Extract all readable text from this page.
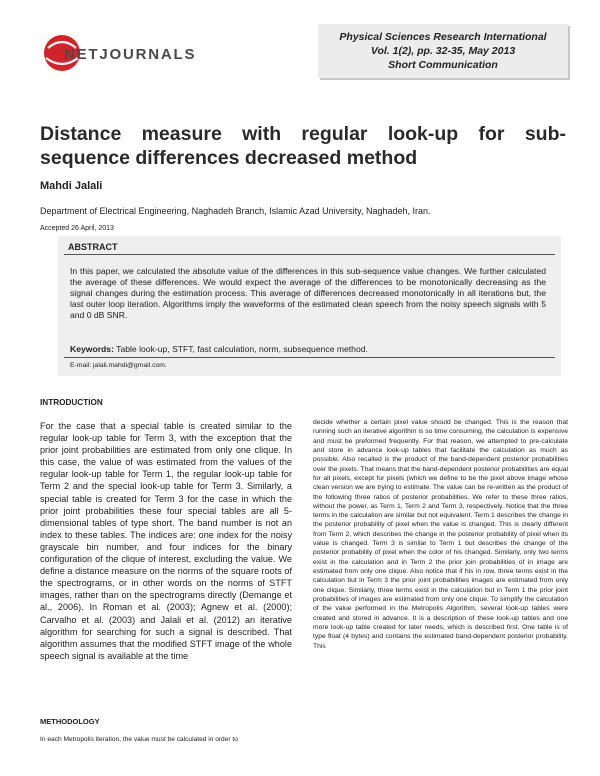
NETJOURNALS
Physical Sciences Research International
Vol. 1(2), pp. 32-35, May 2013
Short Communication
Distance measure with regular look-up for sub-
sequence differences decreased method
Mahdi Jalali
Department of Electrical Engineering, Naghadeh Branch, Islamic Azad University, Naghadeh, Iran.
Accepted 26 April, 2013
ABSTRACT
In this paper, we calculated the absolute value of the differences in this sub-sequence value changes. We further calculated the average of these differences. We would expect the average of the differences to be monotonically decreasing as the signal changes during the estimation process. This average of differences decreased monotonically in all iterations but, the last outer loop iteration. Algorithms imply the waveforms of the estimated clean speech from the noisy speech signals with 5 and 0 dB SNR.
Keywords: Table look-up, STFT, fast calculation, norm, subsequence method.
E-mail: jalali.mahdi@gmail.com.
INTRODUCTION
For the case that a special table is created similar to the regular look-up table for Term 3, with the exception that the prior joint probabilities are estimated from only one clique. In this case, the value of was estimated from the values of the regular look-up table for Term 1, the regular look-up table for Term 2 and the special look-up table for Term 3. Similarly, a special table is created for Term 3 for the case in which the prior joint probabilities these four special tables are all 5-dimensional tables of type short. The band number is not an index to these tables. The indices are: one index for the noisy grayscale bin number, and four indices for the binary configuration of the clique of interest, excluding the value. We define a distance measure on the norms of the square roots of the spectrograms, or in other words on the norms of STFT images, rather than on the spectrograms directly (Demange et al., 2006). In Roman et al. (2003); Agnew et al. (2000); Carvalho et al. (2003) and Jalali et al. (2012) an iterative algorithm for searching for such a signal is described. That algorithm assumes that the modified STFT image of the whole speech signal is available at the time
METHODOLOGY
In each Metropolis iteration, the value must be calculated in order to
decide whether a certain pixel value should be changed. This is the reason that running such an iterative algorithm is so time consuming, the calculation is expensive and must be preformed frequently. For that reason, we attempted to pre-calculate and store in advance look-up tables that facilitate the calculation as much as possible. Also recalled is the product of the band-dependent posterior probabilities over the pixels. That means that the band-dependent posterior probabilities are equal for all pixels, except for pixels (which we define to be the pixel above image whose clean version we are trying to estimate. The value can be re-written as the product of the following three ratios of posterior probabilities. We refer to these three ratios, without the power, as Term 1, Term 2 and Term 3, respectively. Notice that the three terms in the calculation are similar but not equivalent. Term 1 describes the change in the posterior probability of pixel when the value is changed. This is clearly different from Term 2, which describes the change in the posterior probability of pixel when its value is changed. Term 3 is similar to Term 1 but describes the change of the posterior probability of pixel when the color of his changed. Similarly, only two terms exist in the calculation and in Term 2 the prior join probabilities of in image are estimated from only one clique. Also notice that if his in row, three terms exist in the calculation but in Term 3 the prior joint probabilities images are estimated from only one clique. Similarly, three terms exist in the calculation but in Term 1 the prior joint probabilities of images are estimated from only one clique. To simplify the calculation of the value performed in the Metropolis Algorithm, several look-up tables were created and stored in advance. It is a description of these look-up tables and one more look-up table created for later needs, which is described first. One table is of type float (4 bytes) and contains the estimated band-dependent posterior probability. This
